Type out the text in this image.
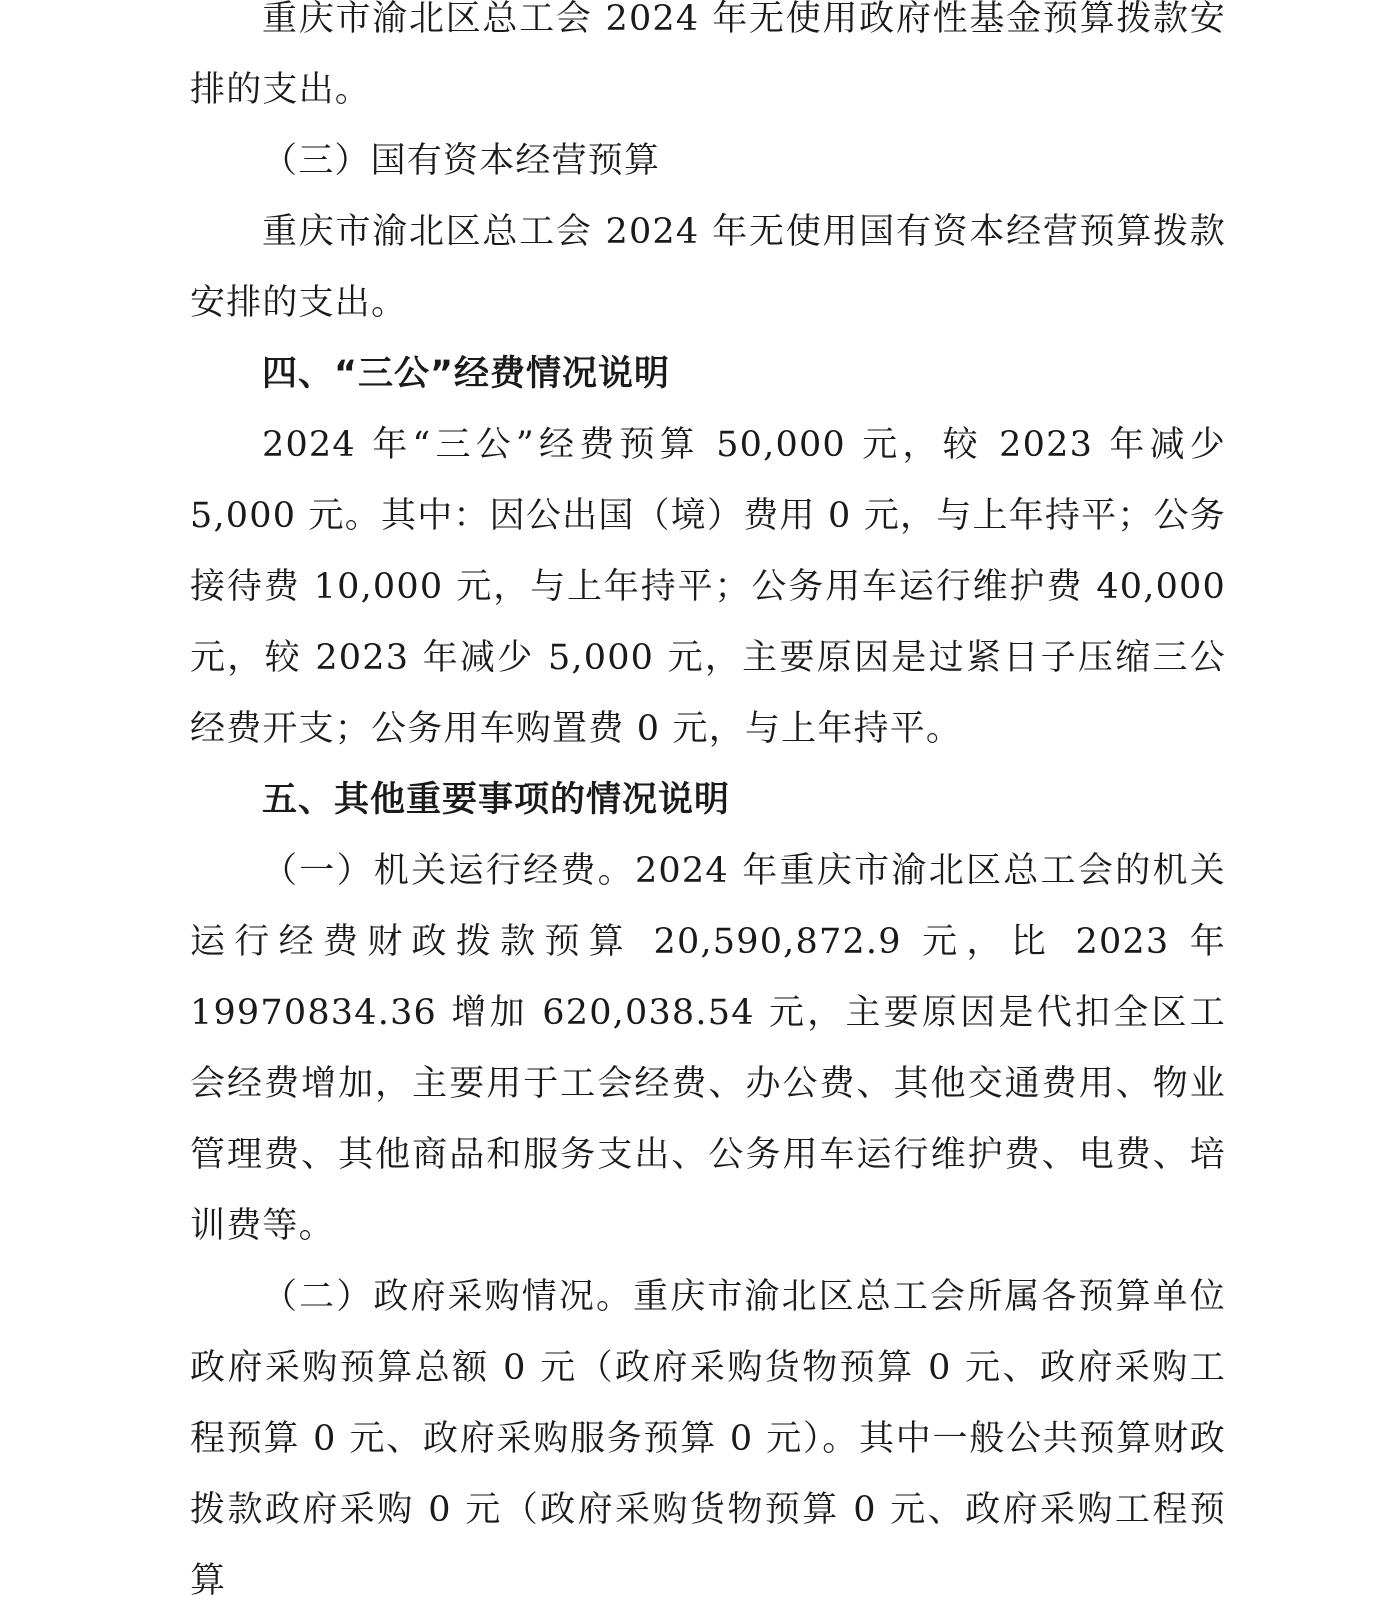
重庆市渝北区总工会 2024 年无使用政府性基金预算拨款安排的支出。

（三）国有资本经营预算

重庆市渝北区总工会 2024 年无使用国有资本经营预算拨款安排的支出。

四、“三公”经费情况说明

2024 年“三公”经费预算 50,000 元，较 2023 年减少 5,000 元。其中：因公出国（境）费用 0 元，与上年持平；公务接待费 10,000 元，与上年持平；公务用车运行维护费 40,000 元，较 2023 年减少 5,000 元，主要原因是过紧日子压缩三公经费开支；公务用车购置费 0 元，与上年持平。

五、其他重要事项的情况说明

（一）机关运行经费。2024 年重庆市渝北区总工会的机关运行经费财政拨款预算 20,590,872.9 元，比 2023 年 19970834.36 增加 620,038.54 元，主要原因是代扣全区工会经费增加，主要用于工会经费、办公费、其他交通费用、物业管理费、其他商品和服务支出、公务用车运行维护费、电费、培训费等。

（二）政府采购情况。重庆市渝北区总工会所属各预算单位政府采购预算总额 0 元（政府采购货物预算 0 元、政府采购工程预算 0 元、政府采购服务预算 0 元）。其中一般公共预算财政拨款政府采购 0 元（政府采购货物预算 0 元、政府采购工程预算
